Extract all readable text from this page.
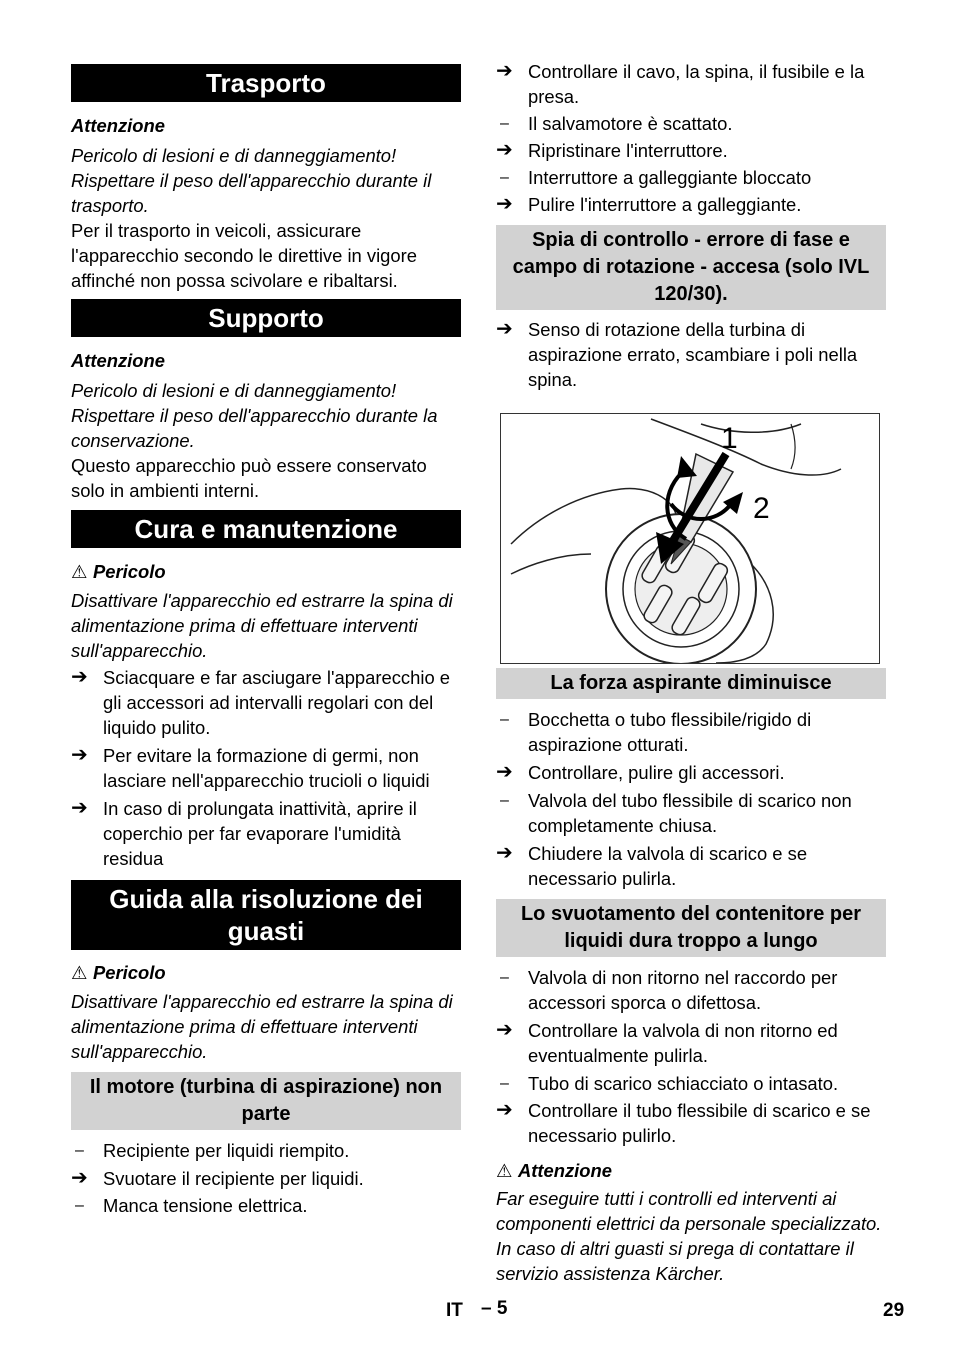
Trasporto

Attenzione

Pericolo di lesioni e di danneggiamento! Rispettare il peso dell'apparecchio durante il trasporto.

Per il trasporto in veicoli, assicurare l'apparecchio secondo le direttive in vigore affinché non possa scivolare e ribaltarsi.

Supporto

Attenzione

Pericolo di lesioni e di danneggiamento! Rispettare il peso dell'apparecchio durante la conservazione.

Questo apparecchio può essere conservato solo in ambienti interni.

Cura e manutenzione

⚠ Pericolo

Disattivare l'apparecchio ed estrarre la spina di alimentazione prima di effettuare interventi sull'apparecchio.

➔ Sciacquare e far asciugare l'apparecchio e gli accessori ad intervalli regolari con del liquido pulito.

➔ Per evitare la formazione di germi, non lasciare nell'apparecchio trucioli o liquidi

➔ In caso di prolungata inattività, aprire il coperchio per far evaporare l'umidità residua

Guida alla risoluzione dei guasti

⚠ Pericolo

Disattivare l'apparecchio ed estrarre la spina di alimentazione prima di effettuare interventi sull'apparecchio.

Il motore (turbina di aspirazione) non parte

–	Recipiente per liquidi riempito.

➔ Svuotare il recipiente per liquidi.

–	Manca tensione elettrica.

➔ Controllare il cavo, la spina, il fusibile e la presa.

–	Il salvamotore è scattato.

➔ Ripristinare l'interruttore.

–	Interruttore a galleggiante bloccato

➔ Pulire l'interruttore a galleggiante.

Spia di controllo - errore di fase e campo di rotazione - accesa (solo IVL 120/30).

➔ Senso di rotazione della turbina di aspirazione errato, scambiare i poli nella spina.

1
2
La forza aspirante diminuisce

–	Bocchetta o tubo flessibile/rigido di aspirazione otturati.

➔ Controllare, pulire gli accessori.

–	Valvola del tubo flessibile di scarico non completamente chiusa.

➔ Chiudere la valvola di scarico e se necessario pulirla.

Lo svuotamento del contenitore per liquidi dura troppo a lungo

–	Valvola di non ritorno nel raccordo per accessori sporca o difettosa.

➔ Controllare la valvola di non ritorno ed eventualmente pulirla.

–	Tubo di scarico schiacciato o intasato.

➔ Controllare il tubo flessibile di scarico e se necessario pulirlo.

⚠ Attenzione

Far eseguire tutti i controlli ed interventi ai componenti elettrici da personale specializzato. In caso di altri guasti si prega di contattare il servizio assistenza Kärcher.

IT – 5	29
